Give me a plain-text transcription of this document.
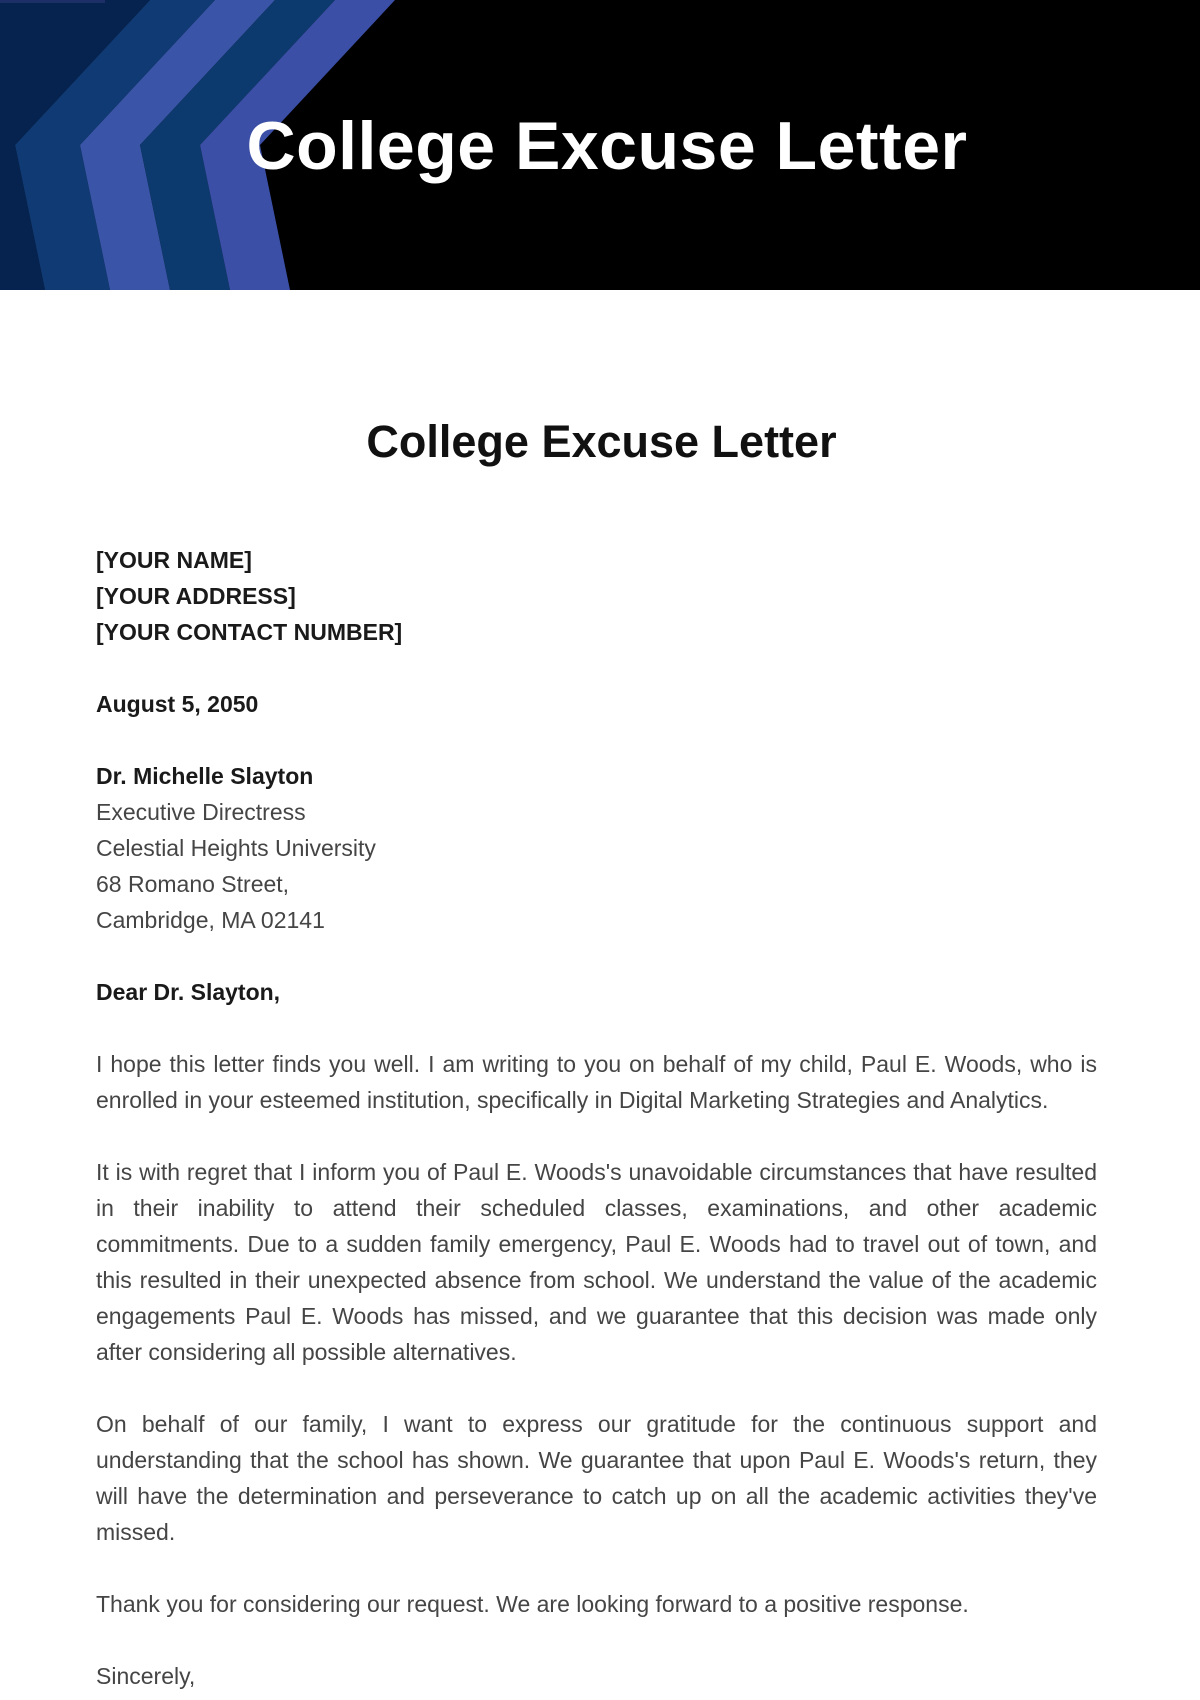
College Excuse Letter
College Excuse Letter
[YOUR NAME]
[YOUR ADDRESS]
[YOUR CONTACT NUMBER]
August 5, 2050
Dr. Michelle Slayton
Executive Directress
Celestial Heights University
68 Romano Street,
Cambridge, MA 02141
Dear Dr. Slayton,
I hope this letter finds you well. I am writing to you on behalf of my child, Paul E. Woods, who is enrolled in your esteemed institution, specifically in Digital Marketing Strategies and Analytics.
It is with regret that I inform you of Paul E. Woods's unavoidable circumstances that have resulted in their inability to attend their scheduled classes, examinations, and other academic commitments. Due to a sudden family emergency, Paul E. Woods had to travel out of town, and this resulted in their unexpected absence from school. We understand the value of the academic engagements Paul E. Woods has missed, and we guarantee that this decision was made only after considering all possible alternatives.
On behalf of our family, I want to express our gratitude for the continuous support and understanding that the school has shown. We guarantee that upon Paul E. Woods's return, they will have the determination and perseverance to catch up on all the academic activities they've missed.
Thank you for considering our request. We are looking forward to a positive response.
Sincerely,
